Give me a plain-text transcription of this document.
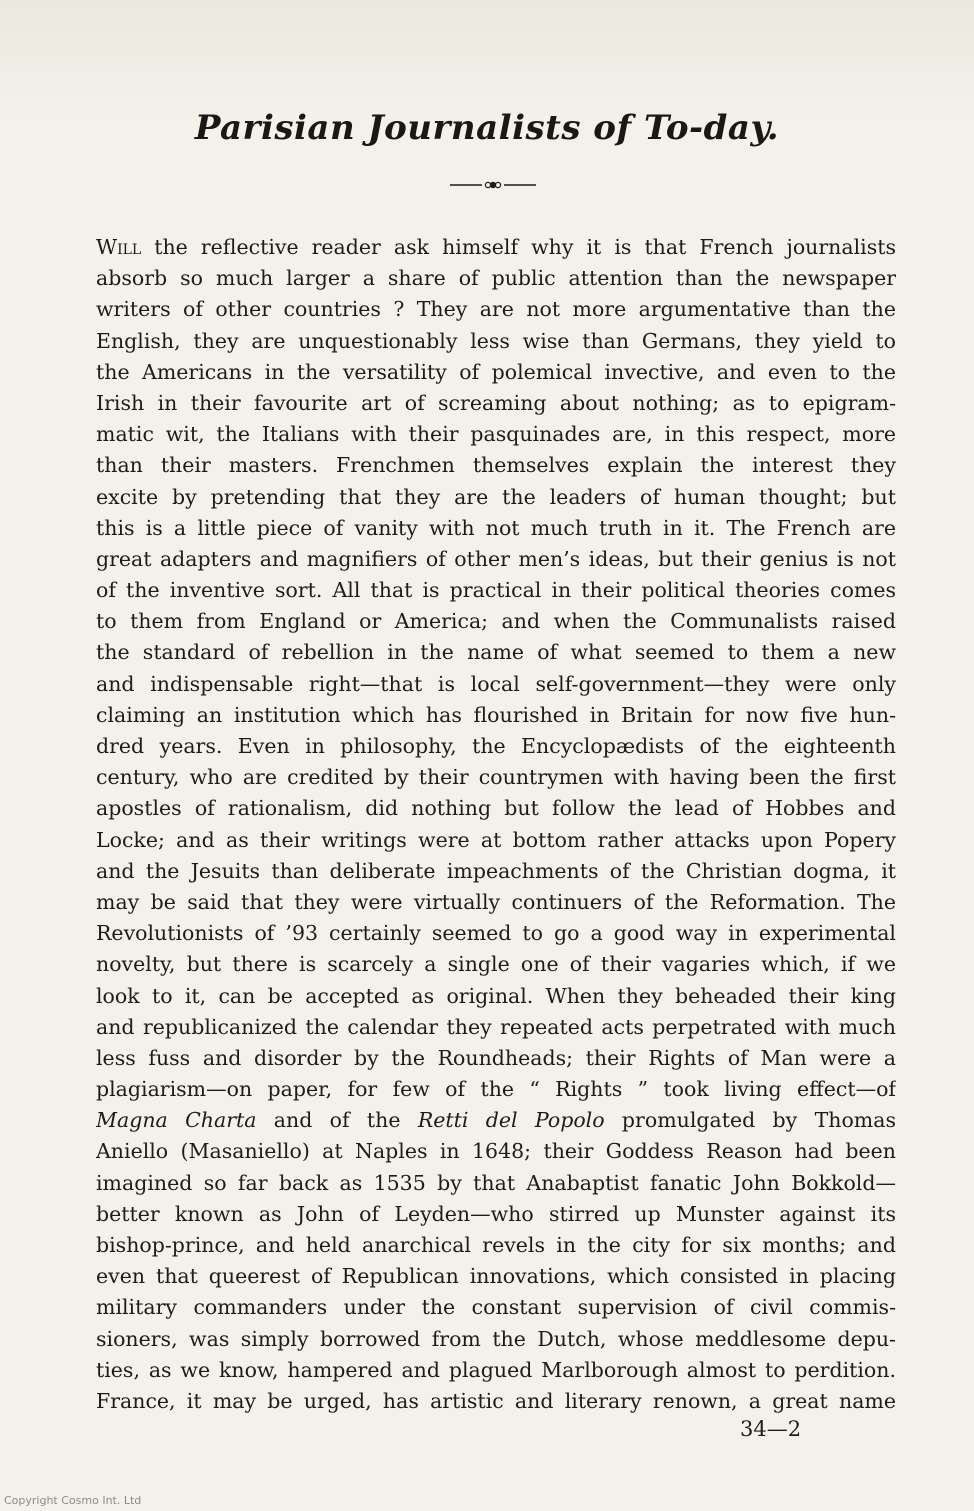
Parisian Journalists of To-day.
Will the reflective reader ask himself why it is that French journalists
absorb so much larger a share of public attention than the newspaper
writers of other countries ? They are not more argumentative than the
English, they are unquestionably less wise than Germans, they yield to
the Americans in the versatility of polemical invective, and even to the
Irish in their favourite art of screaming about nothing; as to epigram-
matic wit, the Italians with their pasquinades are, in this respect, more
than their masters. Frenchmen themselves explain the interest they
excite by pretending that they are the leaders of human thought; but
this is a little piece of vanity with not much truth in it. The French are
great adapters and magnifiers of other men’s ideas, but their genius is not
of the inventive sort. All that is practical in their political theories comes
to them from England or America; and when the Communalists raised
the standard of rebellion in the name of what seemed to them a new
and indispensable right—that is local self-government—they were only
claiming an institution which has flourished in Britain for now five hun-
dred years. Even in philosophy, the Encyclopædists of the eighteenth
century, who are credited by their countrymen with having been the first
apostles of rationalism, did nothing but follow the lead of Hobbes and
Locke; and as their writings were at bottom rather attacks upon Popery
and the Jesuits than deliberate impeachments of the Christian dogma, it
may be said that they were virtually continuers of the Reformation. The
Revolutionists of ’93 certainly seemed to go a good way in experimental
novelty, but there is scarcely a single one of their vagaries which, if we
look to it, can be accepted as original. When they beheaded their king
and republicanized the calendar they repeated acts perpetrated with much
less fuss and disorder by the Roundheads; their Rights of Man were a
plagiarism—on paper, for few of the “ Rights ” took living effect—of
Magna Charta and of the Retti del Popolo promulgated by Thomas
Aniello (Masaniello) at Naples in 1648; their Goddess Reason had been
imagined so far back as 1535 by that Anabaptist fanatic John Bokkold—
better known as John of Leyden—who stirred up Munster against its
bishop-prince, and held anarchical revels in the city for six months; and
even that queerest of Republican innovations, which consisted in placing
military commanders under the constant supervision of civil commis-
sioners, was simply borrowed from the Dutch, whose meddlesome depu-
ties, as we know, hampered and plagued Marlborough almost to perdition.
France, it may be urged, has artistic and literary renown, a great name
34—2
Copyright Cosmo Int. Ltd
